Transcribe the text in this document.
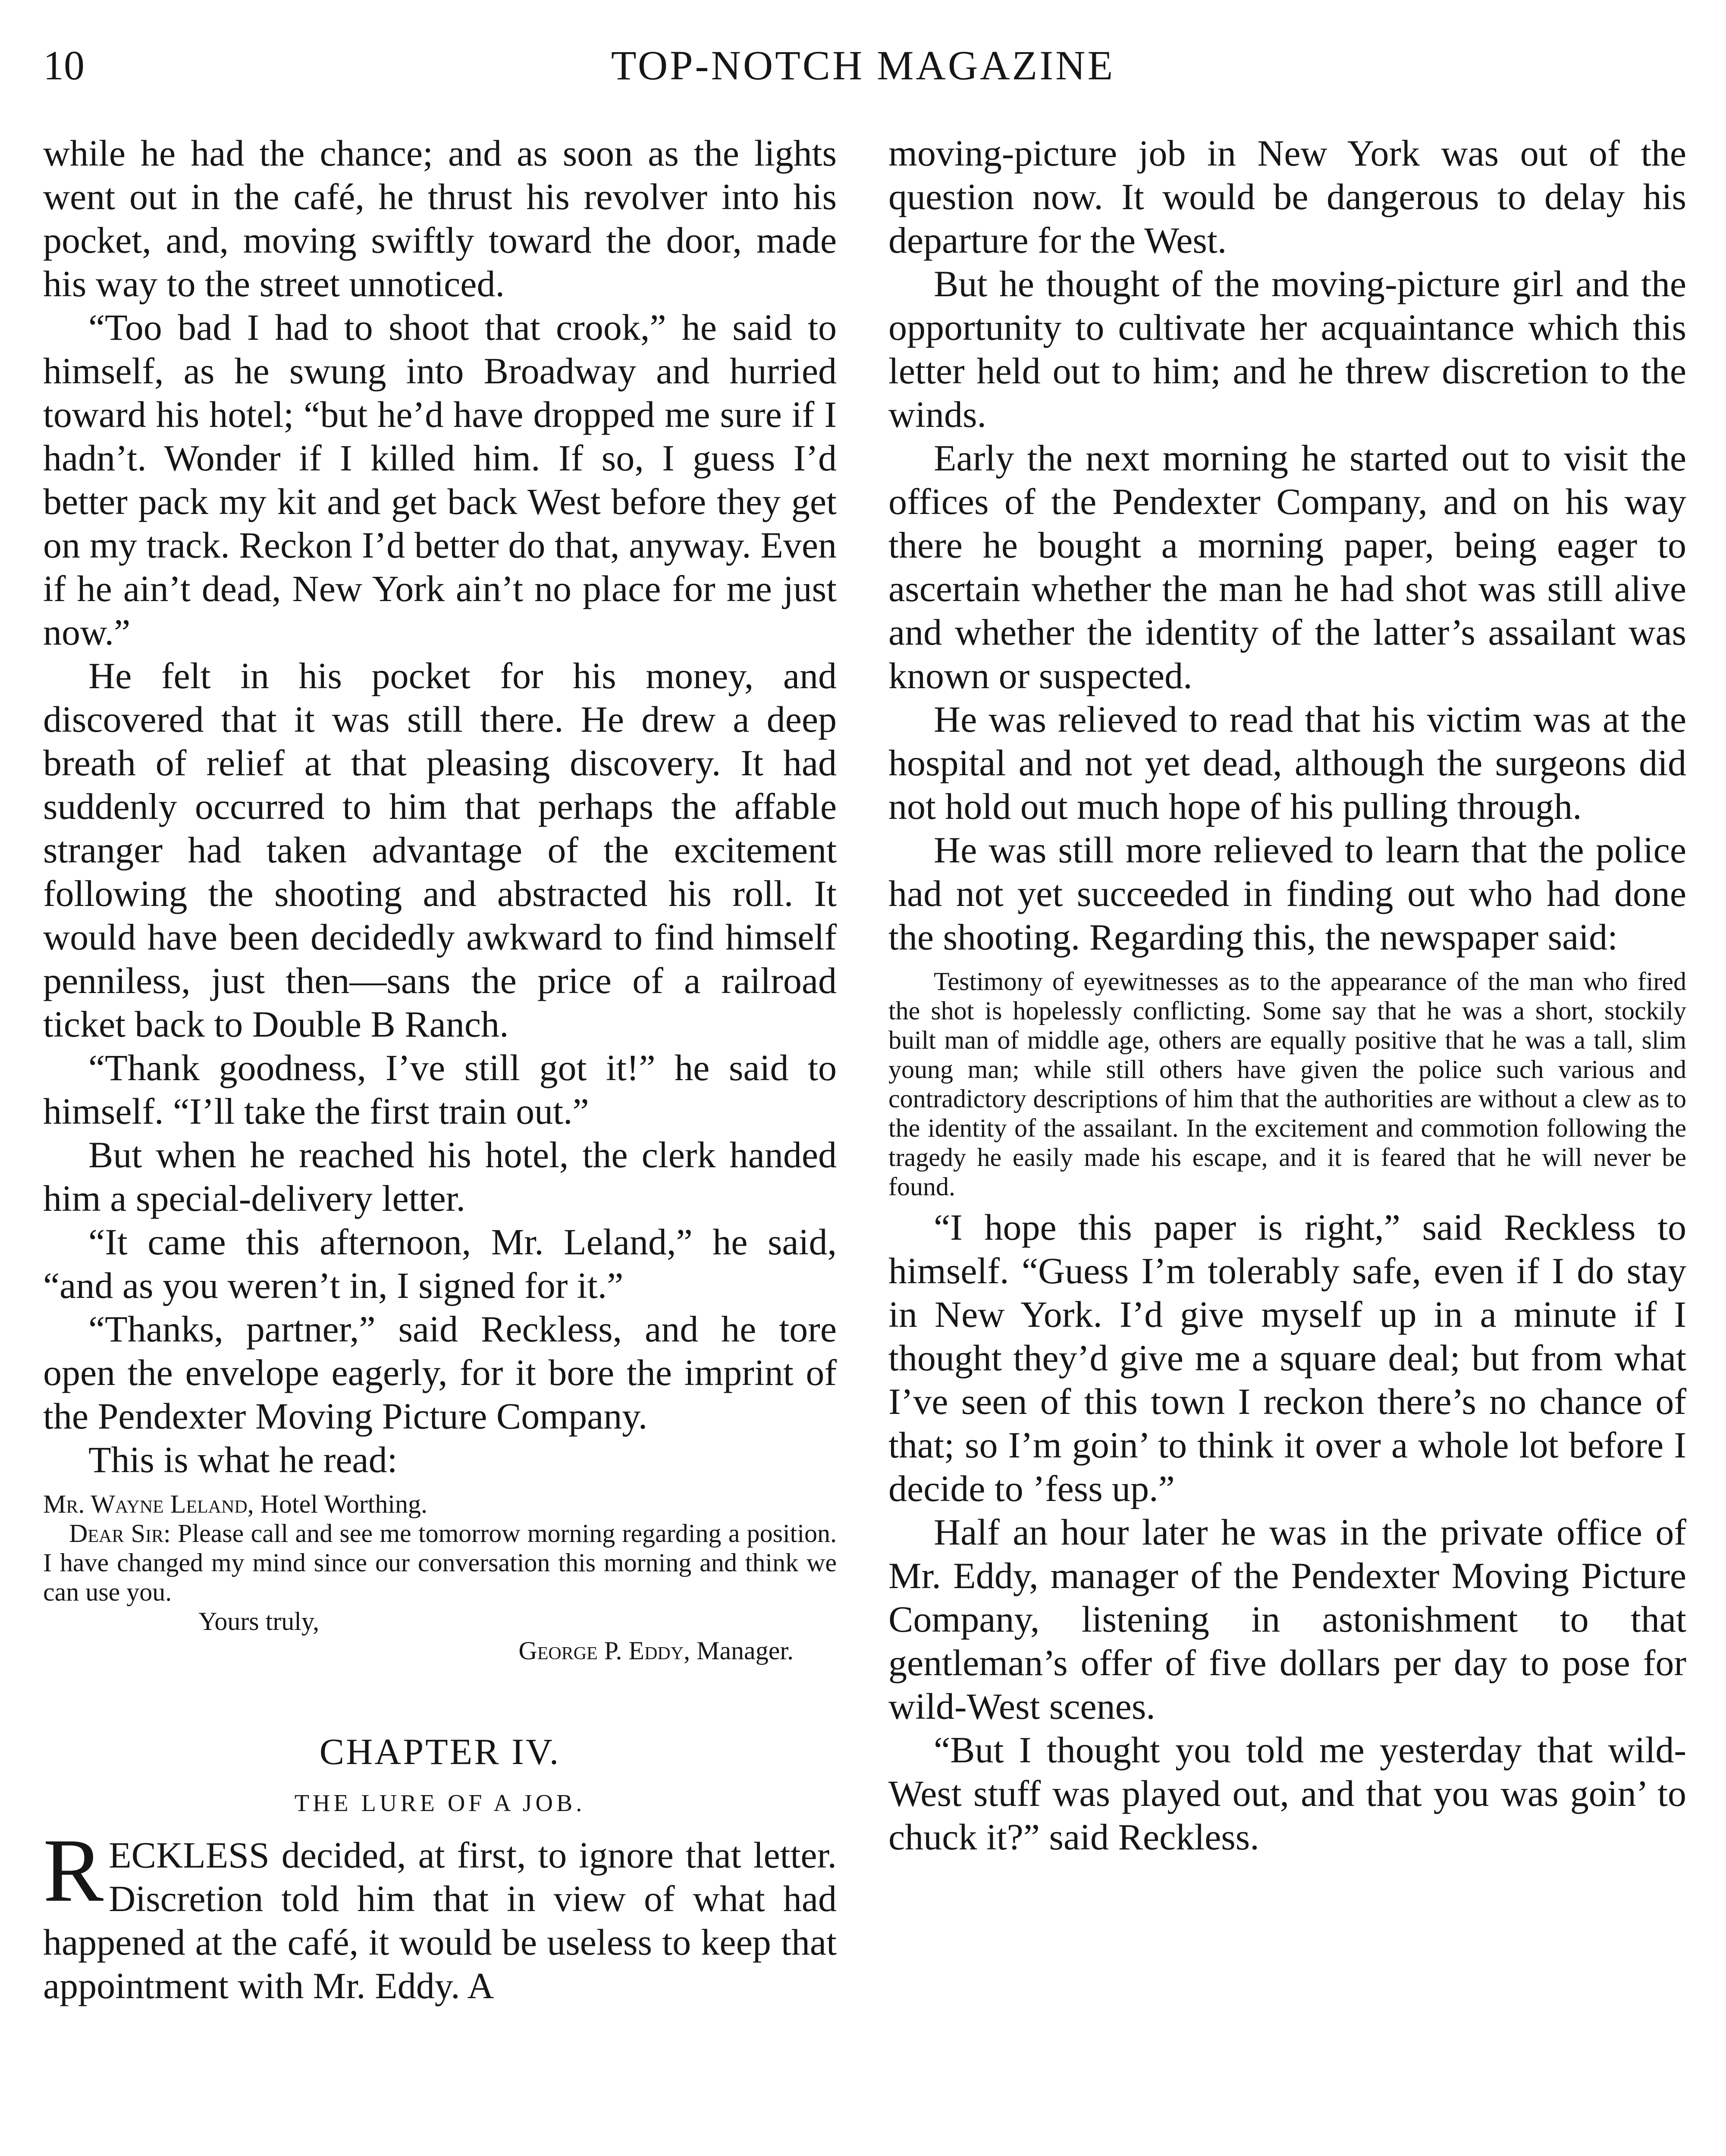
10	TOP-NOTCH MAGAZINE

while he had the chance; and as soon as the lights went out in the café, he thrust his revolver into his pocket, and, moving swiftly toward the door, made his way to the street unnoticed.

“Too bad I had to shoot that crook,” he said to himself, as he swung into Broadway and hurried toward his hotel; “but he’d have dropped me sure if I hadn’t. Wonder if I killed him. If so, I guess I’d better pack my kit and get back West before they get on my track. Reckon I’d better do that, anyway. Even if he ain’t dead, New York ain’t no place for me just now.”

He felt in his pocket for his money, and discovered that it was still there. He drew a deep breath of relief at that pleasing discovery. It had suddenly occurred to him that perhaps the affable stranger had taken advantage of the excitement following the shooting and abstracted his roll. It would have been decidedly awkward to find himself penniless, just then—sans the price of a railroad ticket back to Double B Ranch.

“Thank goodness, I’ve still got it!” he said to himself. “I’ll take the first train out.”

But when he reached his hotel, the clerk handed him a special-delivery letter.

“It came this afternoon, Mr. Leland,” he said, “and as you weren’t in, I signed for it.”

“Thanks, partner,” said Reckless, and he tore open the envelope eagerly, for it bore the imprint of the Pendexter Moving Picture Company.

This is what he read:

Mr. Wayne Leland, Hotel Worthing.

Dear Sir: Please call and see me tomorrow morning regarding a position. I have changed my mind since our conversation this morning and think we can use you.

Yours truly,

George P. Eddy, Manager.

CHAPTER IV.
THE LURE OF A JOB.

RECKLESS decided, at first, to ignore that letter. Discretion told him that in view of what had happened at the café, it would be useless to keep that appointment with Mr. Eddy. A

moving-picture job in New York was out of the question now. It would be dangerous to delay his departure for the West.

But he thought of the moving-picture girl and the opportunity to cultivate her acquaintance which this letter held out to him; and he threw discretion to the winds.

Early the next morning he started out to visit the offices of the Pendexter Company, and on his way there he bought a morning paper, being eager to ascertain whether the man he had shot was still alive and whether the identity of the latter’s assailant was known or suspected.

He was relieved to read that his victim was at the hospital and not yet dead, although the surgeons did not hold out much hope of his pulling through.

He was still more relieved to learn that the police had not yet succeeded in finding out who had done the shooting. Regarding this, the newspaper said:

Testimony of eyewitnesses as to the appearance of the man who fired the shot is hopelessly conflicting. Some say that he was a short, stockily built man of middle age, others are equally positive that he was a tall, slim young man; while still others have given the police such various and contradictory descriptions of him that the authorities are without a clew as to the identity of the assailant. In the excitement and commotion following the tragedy he easily made his escape, and it is feared that he will never be found.

“I hope this paper is right,” said Reckless to himself. “Guess I’m tolerably safe, even if I do stay in New York. I’d give myself up in a minute if I thought they’d give me a square deal; but from what I’ve seen of this town I reckon there’s no chance of that; so I’m goin’ to think it over a whole lot before I decide to ’fess up.”

Half an hour later he was in the private office of Mr. Eddy, manager of the Pendexter Moving Picture Company, listening in astonishment to that gentleman’s offer of five dollars per day to pose for wild-West scenes.

“But I thought you told me yesterday that wild-West stuff was played out, and that you was goin’ to chuck it?” said Reckless.
